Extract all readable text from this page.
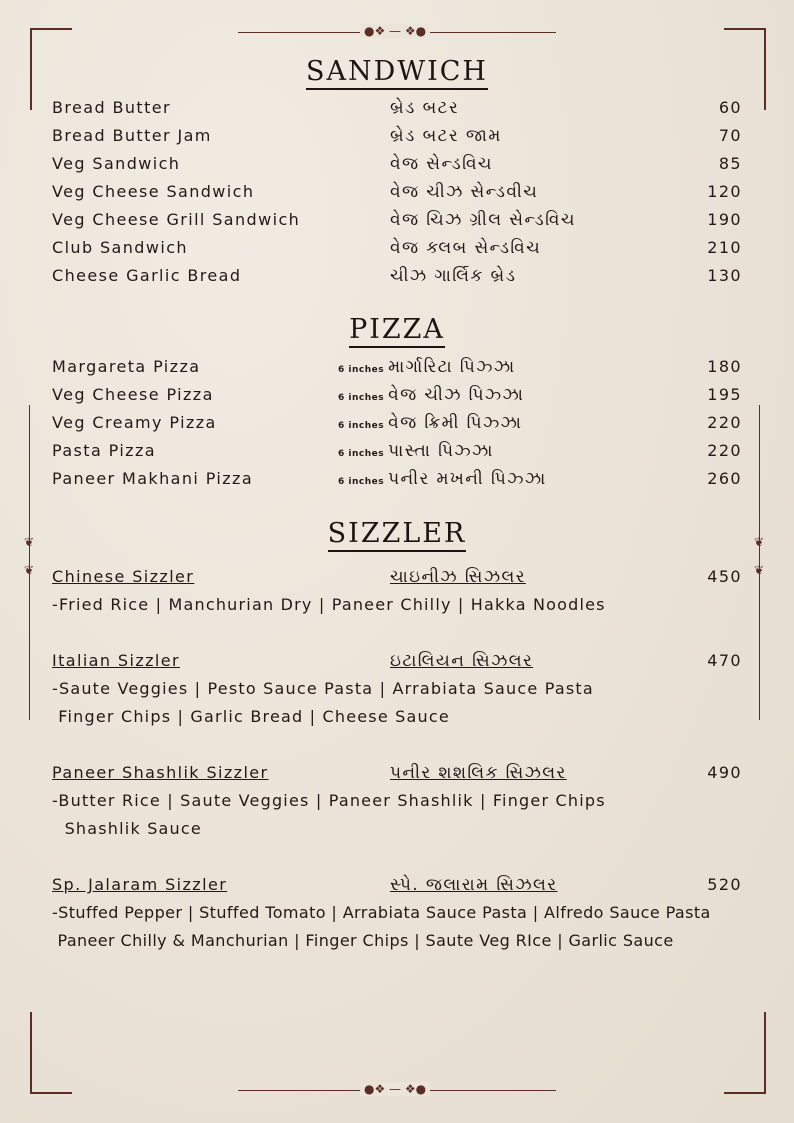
●❖ — ❖●
●❖ — ❖●
❦

❦
❦

❦
SANDWICH
PIZZA
SIZZLER
Bread Butter	બ્રેડ બટર	60
Bread Butter Jam	બ્રેડ બટર જામ	70
Veg Sandwich	વેજ સેન્ડવિચ	85
Veg Cheese Sandwich	વેજ ચીઝ સેન્ડવીચ	120
Veg Cheese Grill Sandwich	વેજ ચિઝ ગ્રીલ સેન્ડવિચ	190
Club Sandwich	વેજ ક્લબ સેન્ડવિચ	210
Cheese Garlic Bread	ચીઝ ગાર્લિક બ્રેડ	130
Margareta Pizza	6 inches માર્ગારિટા પિઝ્ઝા	180
Veg Cheese Pizza	6 inches વેજ ચીઝ પિઝ્ઝા	195
Veg Creamy Pizza	6 inches વેજ ક્રિમી પિઝ્ઝા	220
Pasta Pizza	6 inches પાસ્તા પિઝ્ઝા	220
Paneer Makhani Pizza	6 inches પનીર મખની પિઝ્ઝા	260
Chinese Sizzler	ચાઇનીઝ સિઝલર	450
-Fried Rice | Manchurian Dry | Paneer Chilly | Hakka Noodles
Italian Sizzler	ઇટાલિયન સિઝલર	470
-Saute Veggies | Pesto Sauce Pasta | Arrabiata Sauce Pasta
Finger Chips | Garlic Bread | Cheese Sauce
Paneer Shashlik Sizzler	પનીર શશલિક સિઝલર	490
-Butter Rice | Saute Veggies | Paneer Shashlik | Finger Chips
Shashlik Sauce
Sp. Jalaram Sizzler	સ્પે. જલારામ સિઝલર	520
-Stuffed Pepper | Stuffed Tomato | Arrabiata Sauce Pasta | Alfredo Sauce Pasta
Paneer Chilly & Manchurian | Finger Chips | Saute Veg RIce | Garlic Sauce
